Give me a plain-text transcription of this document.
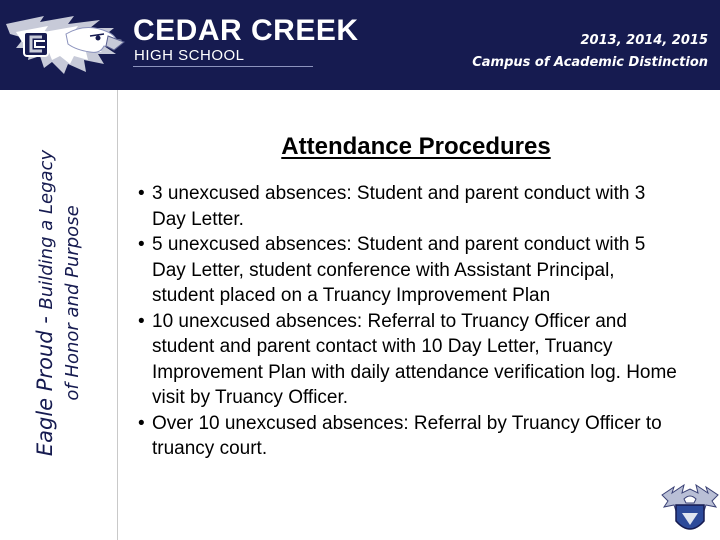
CEDAR CREEK
HIGH SCHOOL
2013, 2014, 2015
Campus of Academic Distinction
Eagle Proud - Building a Legacy of Honor and Purpose
Attendance Procedures
• 3 unexcused absences: Student and parent conduct with 3 Day Letter.
• 5 unexcused absences: Student and parent conduct with 5 Day Letter, student conference with Assistant Principal, student placed on a Truancy Improvement Plan
• 10 unexcused absences: Referral to Truancy Officer and student and parent contact with 10 Day Letter, Truancy Improvement Plan with daily attendance verification log. Home visit by Truancy Officer.
• Over 10 unexcused absences: Referral by Truancy Officer to truancy court.
